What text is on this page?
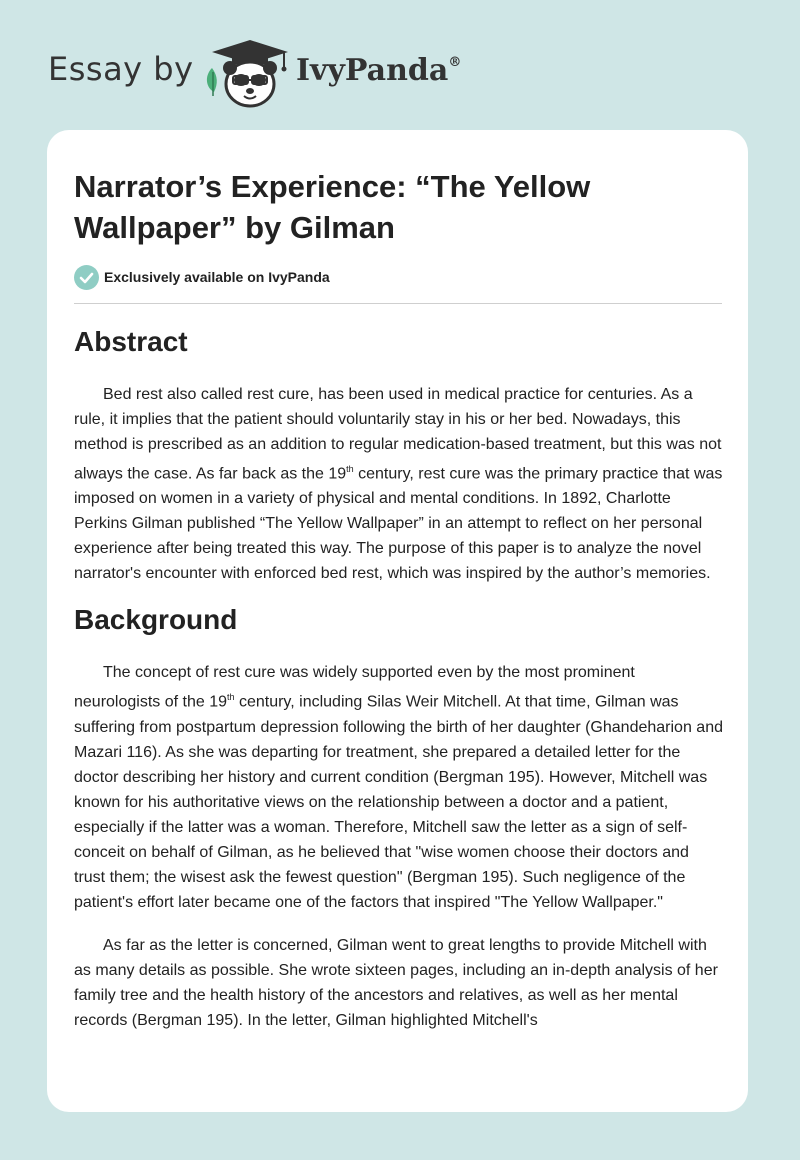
Essay by	IvyPanda®
Narrator’s Experience: “The Yellow Wallpaper” by Gilman
Exclusively available on IvyPanda
Abstract

Bed rest also called rest cure, has been used in medical practice for centuries. As a rule, it implies that the patient should voluntarily stay in his or her bed. Nowadays, this method is prescribed as an addition to regular medication-based treatment, but this was not always the case. As far back as the 19th century, rest cure was the primary practice that was imposed on women in a variety of physical and mental conditions. In 1892, Charlotte Perkins Gilman published “The Yellow Wallpaper” in an attempt to reflect on her personal experience after being treated this way. The purpose of this paper is to analyze the novel narrator's encounter with enforced bed rest, which was inspired by the author’s memories.

Background

The concept of rest cure was widely supported even by the most prominent neurologists of the 19th century, including Silas Weir Mitchell. At that time, Gilman was suffering from postpartum depression following the birth of her daughter (Ghandeharion and Mazari 116). As she was departing for treatment, she prepared a detailed letter for the doctor describing her history and current condition (Bergman 195). However, Mitchell was known for his authoritative views on the relationship between a doctor and a patient, especially if the latter was a woman. Therefore, Mitchell saw the letter as a sign of self-conceit on behalf of Gilman, as he believed that "wise women choose their doctors and trust them; the wisest ask the fewest question" (Bergman 195). Such negligence of the patient's effort later became one of the factors that inspired "The Yellow Wallpaper."

As far as the letter is concerned, Gilman went to great lengths to provide Mitchell with as many details as possible. She wrote sixteen pages, including an in-depth analysis of her family tree and the health history of the ancestors and relatives, as well as her mental records (Bergman 195). In the letter, Gilman highlighted Mitchell's
